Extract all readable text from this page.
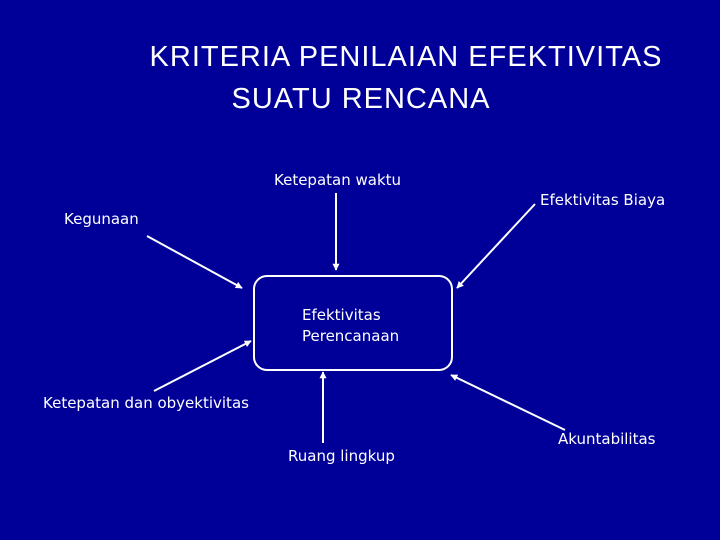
KRITERIA PENILAIAN EFEKTIVITAS
SUATU RENCANA
Efektivitas
Perencanaan
Ketepatan waktu
Efektivitas Biaya
Kegunaan
Ketepatan dan obyektivitas
Ruang lingkup
Akuntabilitas
